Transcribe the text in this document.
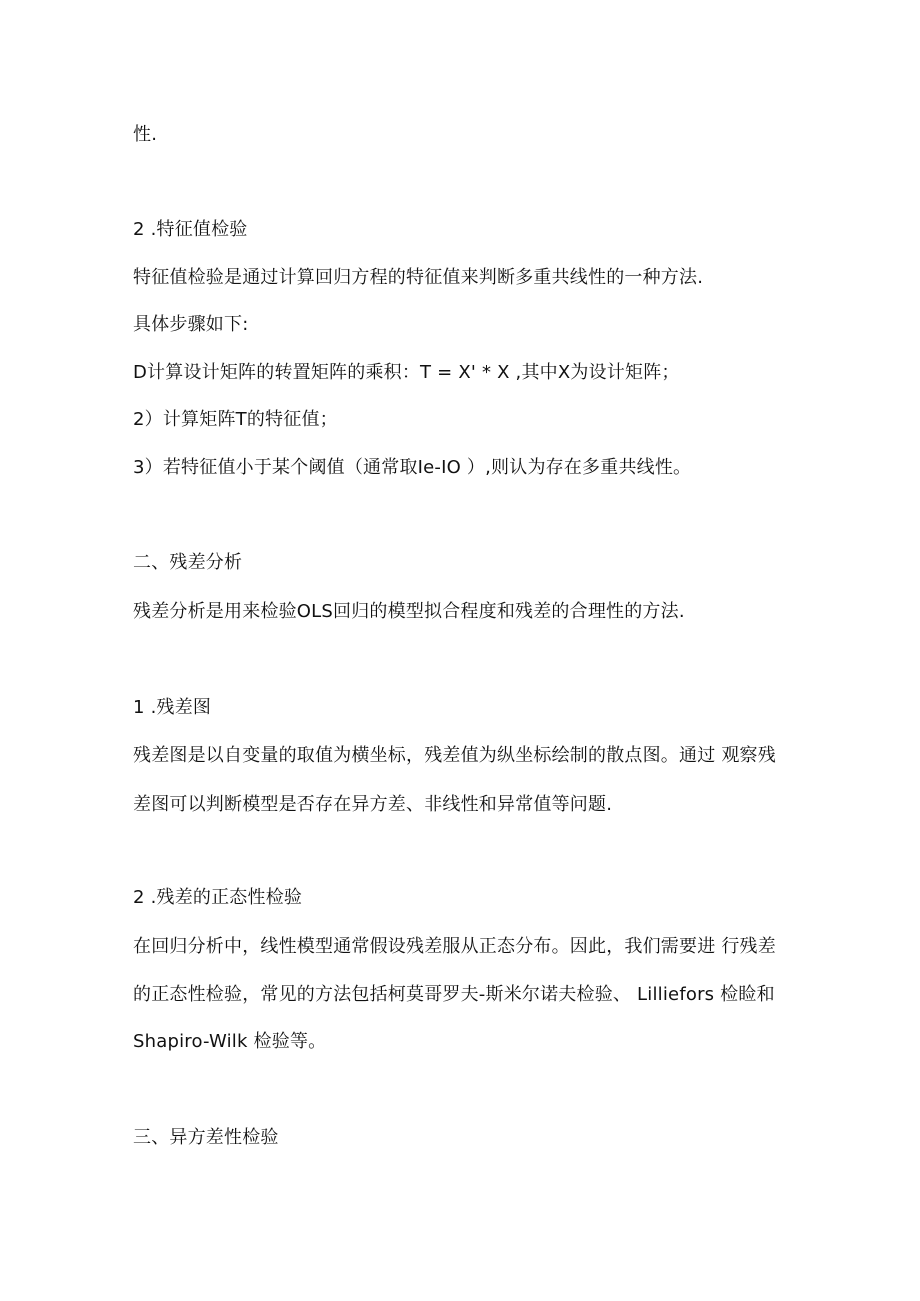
性.
2 .特征值检验
特征值检验是通过计算回归方程的特征值来判断多重共线性的一种方法.
具体步骤如下:
D计算设计矩阵的转置矩阵的乘积：T = X' * X ,其中X为设计矩阵；
2）计算矩阵T的特征值；
3）若特征值小于某个阈值（通常取Ie-IO ）,则认为存在多重共线性。
二、残差分析
残差分析是用来检验OLS回归的模型拟合程度和残差的合理性的方法.
1 .残差图
残差图是以自变量的取值为横坐标，残差值为纵坐标绘制的散点图。通过 观察残
差图可以判断模型是否存在异方差、非线性和异常值等问题.
2 .残差的正态性检验
在回归分析中，线性模型通常假设残差服从正态分布。因此，我们需要进 行残差
的正态性检验，常见的方法包括柯莫哥罗夫-斯米尔诺夫检验、 Lilliefors 检睑和
Shapiro-Wilk 检验等。
三、异方差性检验
